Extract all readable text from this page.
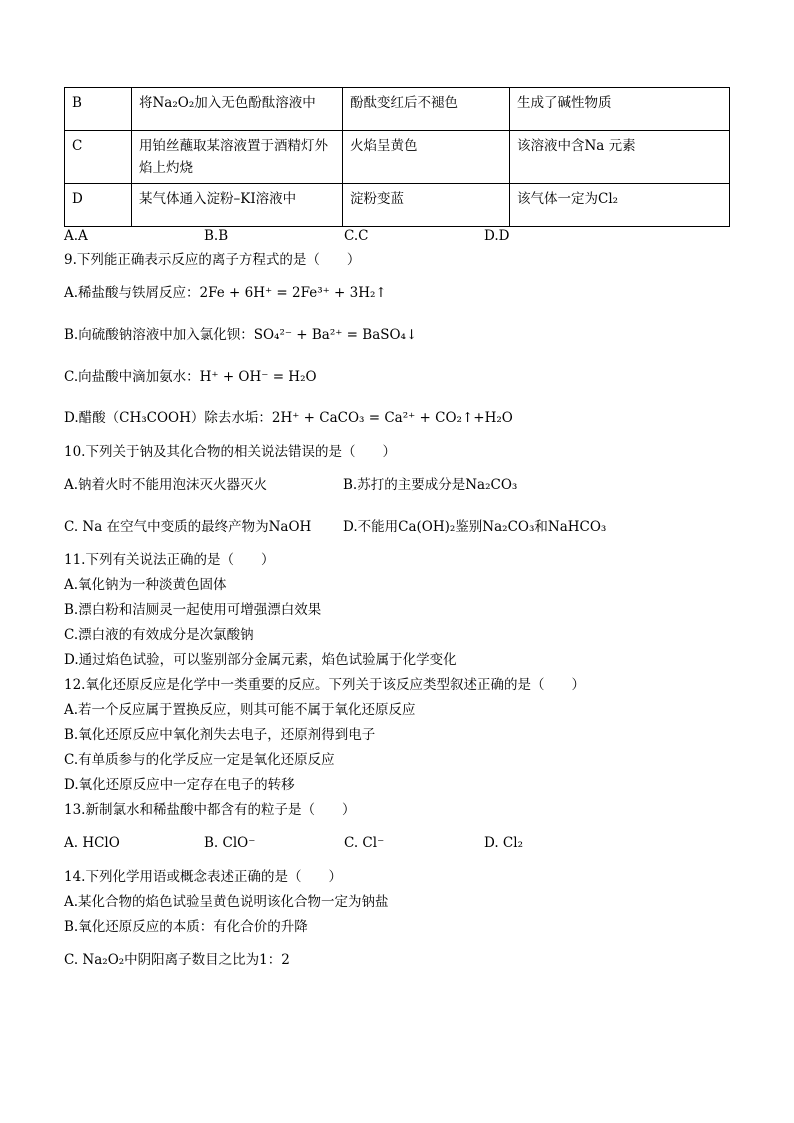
B	将Na₂O₂加入无色酚酞溶液中	酚酞变红后不褪色	生成了碱性物质
C	用铂丝蘸取某溶液置于酒精灯外焰上灼烧	火焰呈黄色	该溶液中含Na 元素
D	某气体通入淀粉–KI溶液中	淀粉变蓝	该气体一定为Cl₂
A.A	B.B	C.C	D.D
9.下列能正确表示反应的离子方程式的是（　　）
A.稀盐酸与铁屑反应：2Fe + 6H⁺ = 2Fe³⁺ + 3H₂↑
B.向硫酸钠溶液中加入氯化钡：SO₄²⁻ + Ba²⁺ = BaSO₄↓
C.向盐酸中滴加氨水：H⁺ + OH⁻ = H₂O
D.醋酸（CH₃COOH）除去水垢：2H⁺ + CaCO₃ = Ca²⁺ + CO₂↑+H₂O
10.下列关于钠及其化合物的相关说法错误的是（　　）
A.钠着火时不能用泡沫灭火器灭火	B.苏打的主要成分是Na₂CO₃
C. Na 在空气中变质的最终产物为NaOH D.不能用Ca(OH)₂鉴别Na₂CO₃和NaHCO₃
11.下列有关说法正确的是（　　）
A.氧化钠为一种淡黄色固体
B.漂白粉和洁厕灵一起使用可增强漂白效果
C.漂白液的有效成分是次氯酸钠
D.通过焰色试验，可以鉴别部分金属元素，焰色试验属于化学变化
12.氧化还原反应是化学中一类重要的反应。下列关于该反应类型叙述正确的是（　　）
A.若一个反应属于置换反应，则其可能不属于氧化还原反应
B.氧化还原反应中氧化剂失去电子，还原剂得到电子
C.有单质参与的化学反应一定是氧化还原反应
D.氧化还原反应中一定存在电子的转移
13.新制氯水和稀盐酸中都含有的粒子是（　　）
A. HClO	B. ClO⁻	C. Cl⁻	D. Cl₂
14.下列化学用语或概念表述正确的是（　　）
A.某化合物的焰色试验呈黄色说明该化合物一定为钠盐
B.氧化还原反应的本质：有化合价的升降
C. Na₂O₂中阴阳离子数目之比为1：2
